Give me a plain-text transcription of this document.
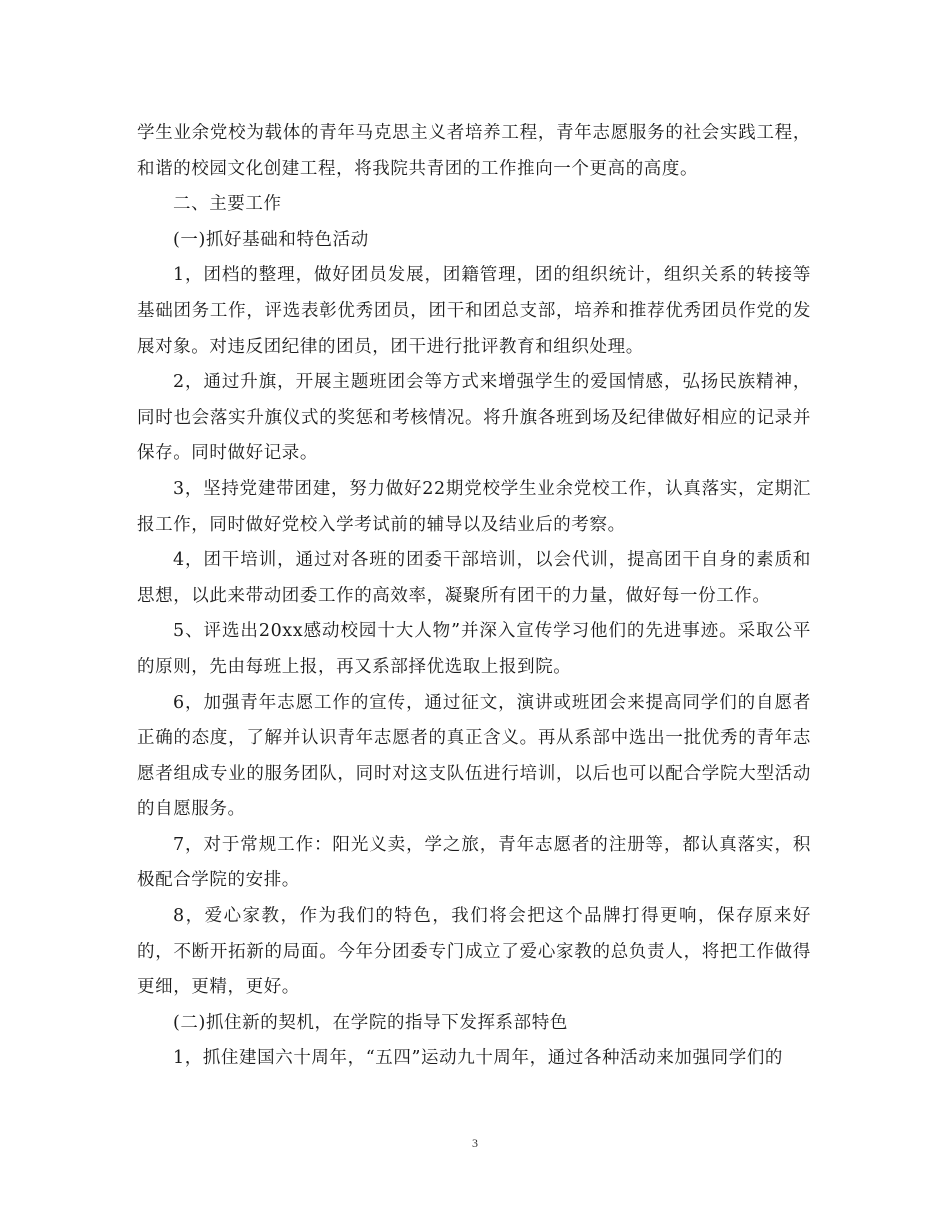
学生业余党校为载体的青年马克思主义者培养工程，青年志愿服务的社会实践工程，和谐的校园文化创建工程，将我院共青团的工作推向一个更高的高度。

二、主要工作

(一)抓好基础和特色活动

1，团档的整理，做好团员发展，团籍管理，团的组织统计，组织关系的转接等基础团务工作，评选表彰优秀团员，团干和团总支部，培养和推荐优秀团员作党的发展对象。对违反团纪律的团员，团干进行批评教育和组织处理。

2，通过升旗，开展主题班团会等方式来增强学生的爱国情感，弘扬民族精神，同时也会落实升旗仪式的奖惩和考核情况。将升旗各班到场及纪律做好相应的记录并保存。同时做好记录。

3，坚持党建带团建，努力做好22期党校学生业余党校工作，认真落实，定期汇报工作，同时做好党校入学考试前的辅导以及结业后的考察。

4，团干培训，通过对各班的团委干部培训，以会代训，提高团干自身的素质和思想，以此来带动团委工作的高效率，凝聚所有团干的力量，做好每一份工作。

5、评选出20xx感动校园十大人物”并深入宣传学习他们的先进事迹。采取公平的原则，先由每班上报，再又系部择优选取上报到院。

6，加强青年志愿工作的宣传，通过征文，演讲或班团会来提高同学们的自愿者正确的态度，了解并认识青年志愿者的真正含义。再从系部中选出一批优秀的青年志愿者组成专业的服务团队，同时对这支队伍进行培训，以后也可以配合学院大型活动的自愿服务。

7，对于常规工作：阳光义卖，学之旅，青年志愿者的注册等，都认真落实，积极配合学院的安排。

8，爱心家教，作为我们的特色，我们将会把这个品牌打得更响，保存原来好的，不断开拓新的局面。今年分团委专门成立了爱心家教的总负责人，将把工作做得更细，更精，更好。

(二)抓住新的契机，在学院的指导下发挥系部特色

1，抓住建国六十周年，“五四”运动九十周年，通过各种活动来加强同学们的

3
